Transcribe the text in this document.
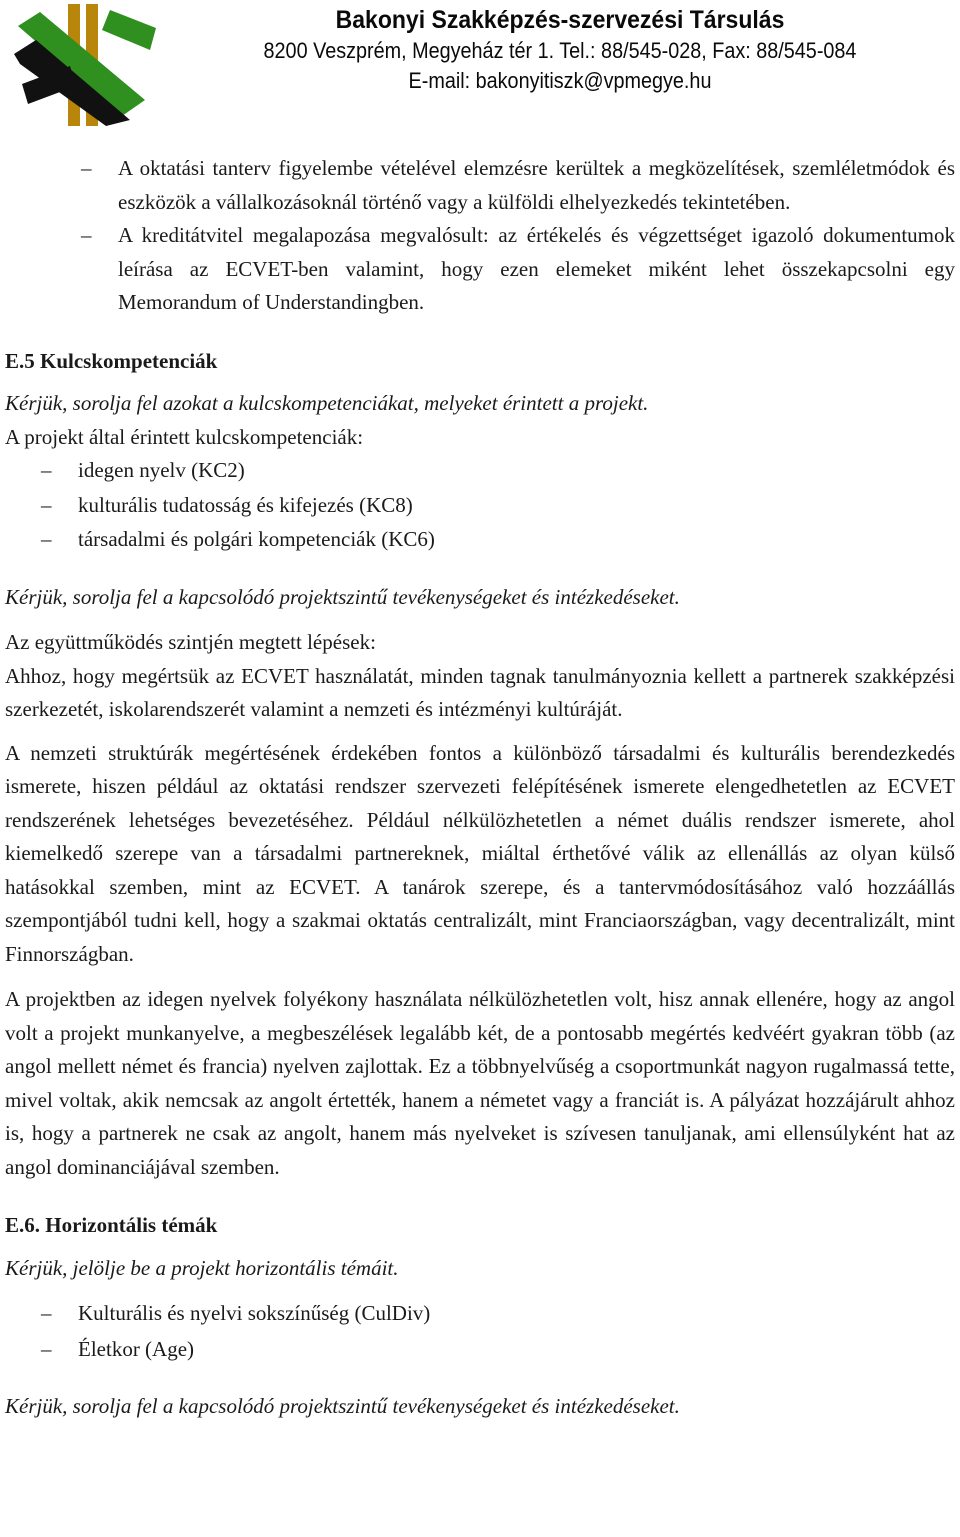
Bakonyi Szakképzés-szervezési Társulás
8200 Veszprém, Megyeház tér 1. Tel.: 88/545-028, Fax: 88/545-084
E-mail: bakonyitiszk@vpmegye.hu

– A oktatási tanterv figyelembe vételével elemzésre kerültek a megközelítések, szemléletmódok és eszközök a vállalkozásoknál történő vagy a külföldi elhelyezkedés tekintetében.

– A kreditátvitel megalapozása megvalósult: az értékelés és végzettséget igazoló dokumentumok leírása az ECVET-ben valamint, hogy ezen elemeket miként lehet összekapcsolni egy Memorandum of Understandingben.

E.5 Kulcskompetenciák

Kérjük, sorolja fel azokat a kulcskompetenciákat, melyeket érintett a projekt.

A projekt által érintett kulcskompetenciák:

– idegen nyelv (KC2)

– kulturális tudatosság és kifejezés (KC8)

– társadalmi és polgári kompetenciák (KC6)

Kérjük, sorolja fel a kapcsolódó projektszintű tevékenységeket és intézkedéseket.

Az együttműködés szintjén megtett lépések:

Ahhoz, hogy megértsük az ECVET használatát, minden tagnak tanulmányoznia kellett a partnerek szakképzési szerkezetét, iskolarendszerét valamint a nemzeti és intézményi kultúráját.

A nemzeti struktúrák megértésének érdekében fontos a különböző társadalmi és kulturális berendezkedés ismerete, hiszen például az oktatási rendszer szervezeti felépítésének ismerete elengedhetetlen az ECVET rendszerének lehetséges bevezetéséhez. Például nélkülözhetetlen a német duális rendszer ismerete, ahol kiemelkedő szerepe van a társadalmi partnereknek, miáltal érthetővé válik az ellenállás az olyan külső hatásokkal szemben, mint az ECVET. A tanárok szerepe, és a tantervmódosításához való hozzáállás szempontjából tudni kell, hogy a szakmai oktatás centralizált, mint Franciaországban, vagy decentralizált, mint Finnországban.

A projektben az idegen nyelvek folyékony használata nélkülözhetetlen volt, hisz annak ellenére, hogy az angol volt a projekt munkanyelve, a megbeszélések legalább két, de a pontosabb megértés kedvéért gyakran több (az angol mellett német és francia) nyelven zajlottak. Ez a többnyelvűség a csoportmunkát nagyon rugalmassá tette, mivel voltak, akik nemcsak az angolt értették, hanem a németet vagy a franciát is. A pályázat hozzájárult ahhoz is, hogy a partnerek ne csak az angolt, hanem más nyelveket is szívesen tanuljanak, ami ellensúlyként hat az angol dominanciájával szemben.

E.6. Horizontális témák

Kérjük, jelölje be a projekt horizontális témáit.

– Kulturális és nyelvi sokszínűség (CulDiv)

– Életkor (Age)

Kérjük, sorolja fel a kapcsolódó projektszintű tevékenységeket és intézkedéseket.
